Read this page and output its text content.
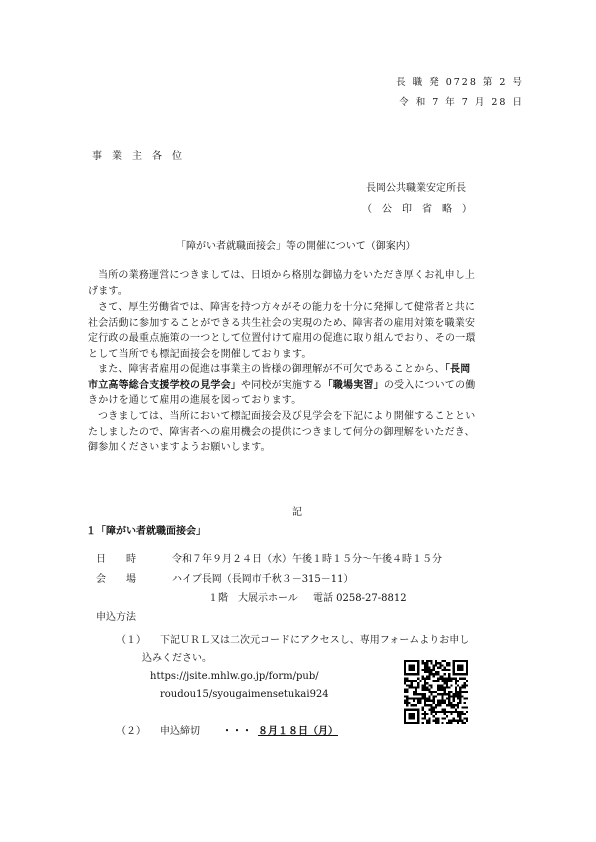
長 職 発 0728 第 2 号
令 和 7 年 7 月 28 日
事　業　主　各　位
長岡公共職業安定所長
（　公　印　省　略　）
「障がい者就職面接会」等の開催について（御案内）
当所の業務運営につきましては、日頃から格別な御協力をいただき厚くお礼申し上
げます。
さて、厚生労働省では、障害を持つ方々がその能力を十分に発揮して健常者と共に
社会活動に参加することができる共生社会の実現のため、障害者の雇用対策を職業安
定行政の最重点施策の一つとして位置付けて雇用の促進に取り組んでおり、その一環
として当所でも標記面接会を開催しております。
また、障害者雇用の促進は事業主の皆様の御理解が不可欠であることから、「長岡
市立高等総合支援学校の見学会」や同校が実施する「職場実習」の受入についての働
きかけを通じて雇用の進展を図っております。
つきましては、当所において標記面接会及び見学会を下記により開催することとい
たしましたので、障害者への雇用機会の提供につきまして何分の御理解をいただき、
御参加くださいますようお願いします。
記
１「障がい者就職面接会」
日　　時	令和７年９月２４日（水）午後１時１５分～午後４時１５分
会　　場	ハイブ長岡（長岡市千秋３－315－11）
１階　大展示ホール 電話 0258-27-8812
申込方法
（１） 下記ＵＲＬ又は二次元コードにアクセスし、専用フォームよりお申し
込みください。
https://jsite.mhlw.go.jp/form/pub/
roudou15/syougaimensetukai924
（２） 申込締切 ・・・ ８月１８日（月）
